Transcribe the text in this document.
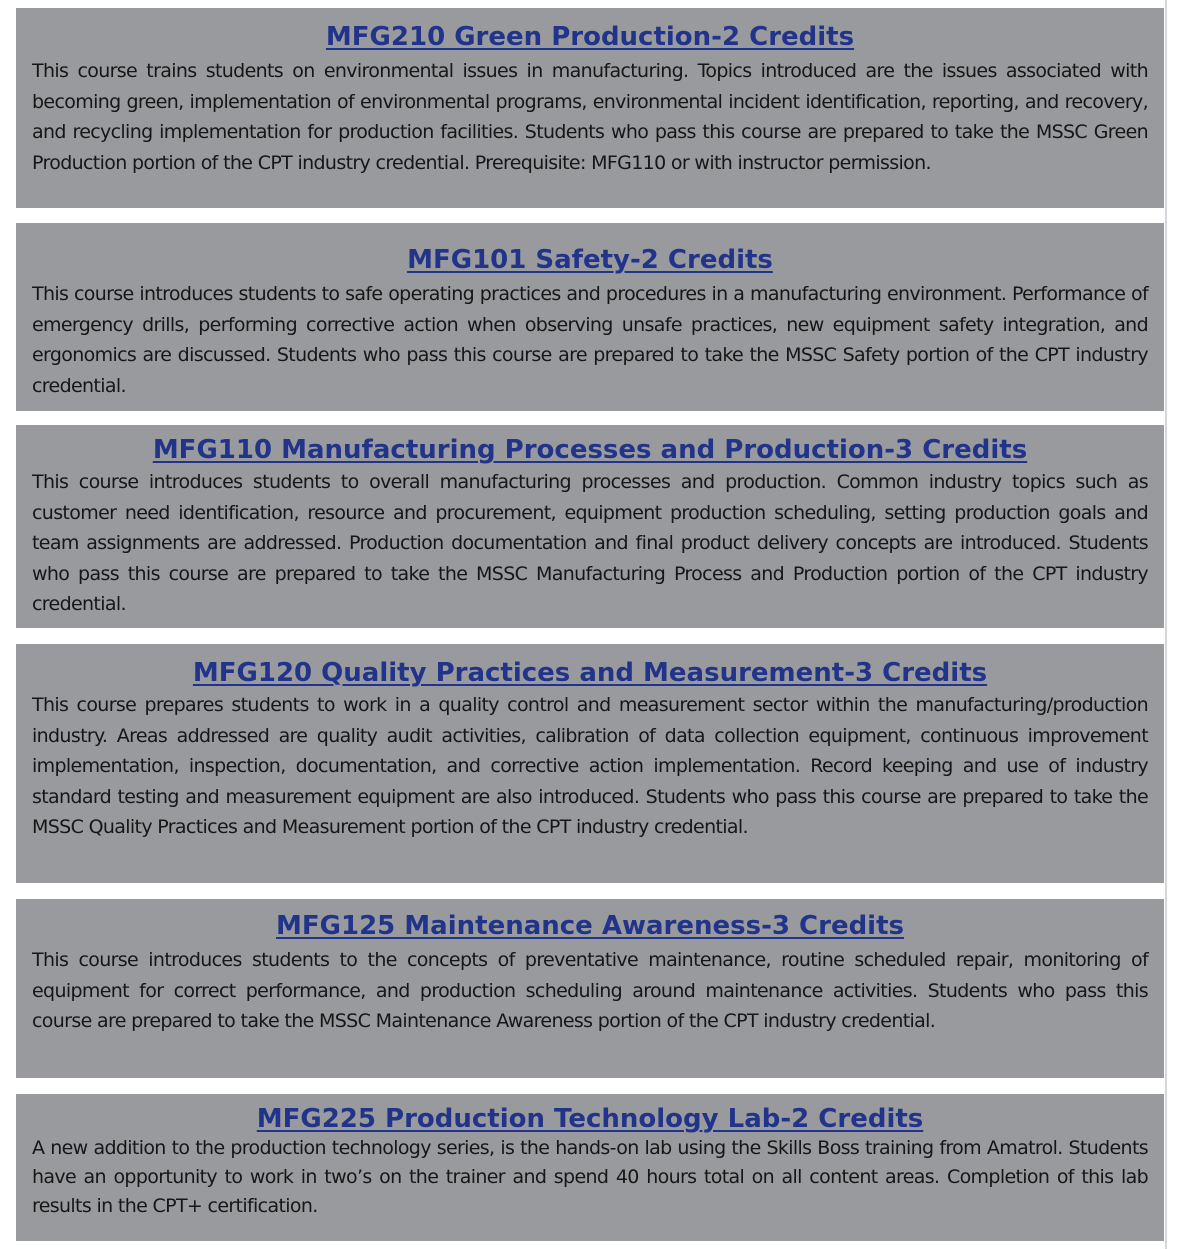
MFG210 Green Production-2 Credits

This course trains students on environmental issues in manufacturing. Topics introduced are the issues associated with becoming green, implementation of environmental programs, environmental incident identification, reporting, and recovery, and recycling implementation for production facilities. Students who pass this course are prepared to take the MSSC Green Production portion of the CPT industry credential. Prerequisite: MFG110 or with instructor permission.

MFG101 Safety-2 Credits

This course introduces students to safe operating practices and procedures in a manufacturing environment. Performance of emergency drills, performing corrective action when observing unsafe practices, new equipment safety integration, and ergonomics are discussed. Students who pass this course are prepared to take the MSSC Safety portion of the CPT industry credential.

MFG110 Manufacturing Processes and Production-3 Credits

This course introduces students to overall manufacturing processes and production. Common industry topics such as customer need identification, resource and procurement, equipment production scheduling, setting production goals and team assignments are addressed. Production documentation and final product delivery concepts are introduced. Students who pass this course are prepared to take the MSSC Manufacturing Process and Production portion of the CPT industry credential.

MFG120 Quality Practices and Measurement-3 Credits

This course prepares students to work in a quality control and measurement sector within the manufacturing/production industry. Areas addressed are quality audit activities, calibration of data collection equipment, continuous improvement implementation, inspection, documentation, and corrective action implementation. Record keeping and use of industry standard testing and measurement equipment are also introduced. Students who pass this course are prepared to take the MSSC Quality Practices and Measurement portion of the CPT industry credential.

MFG125 Maintenance Awareness-3 Credits

This course introduces students to the concepts of preventative maintenance, routine scheduled repair, monitoring of equipment for correct performance, and production scheduling around maintenance activities. Students who pass this course are prepared to take the MSSC Maintenance Awareness portion of the CPT industry credential.

MFG225 Production Technology Lab-2 Credits

A new addition to the production technology series, is the hands-on lab using the Skills Boss training from Amatrol. Students have an opportunity to work in two’s on the trainer and spend 40 hours total on all content areas. Completion of this lab results in the CPT+ certification.
